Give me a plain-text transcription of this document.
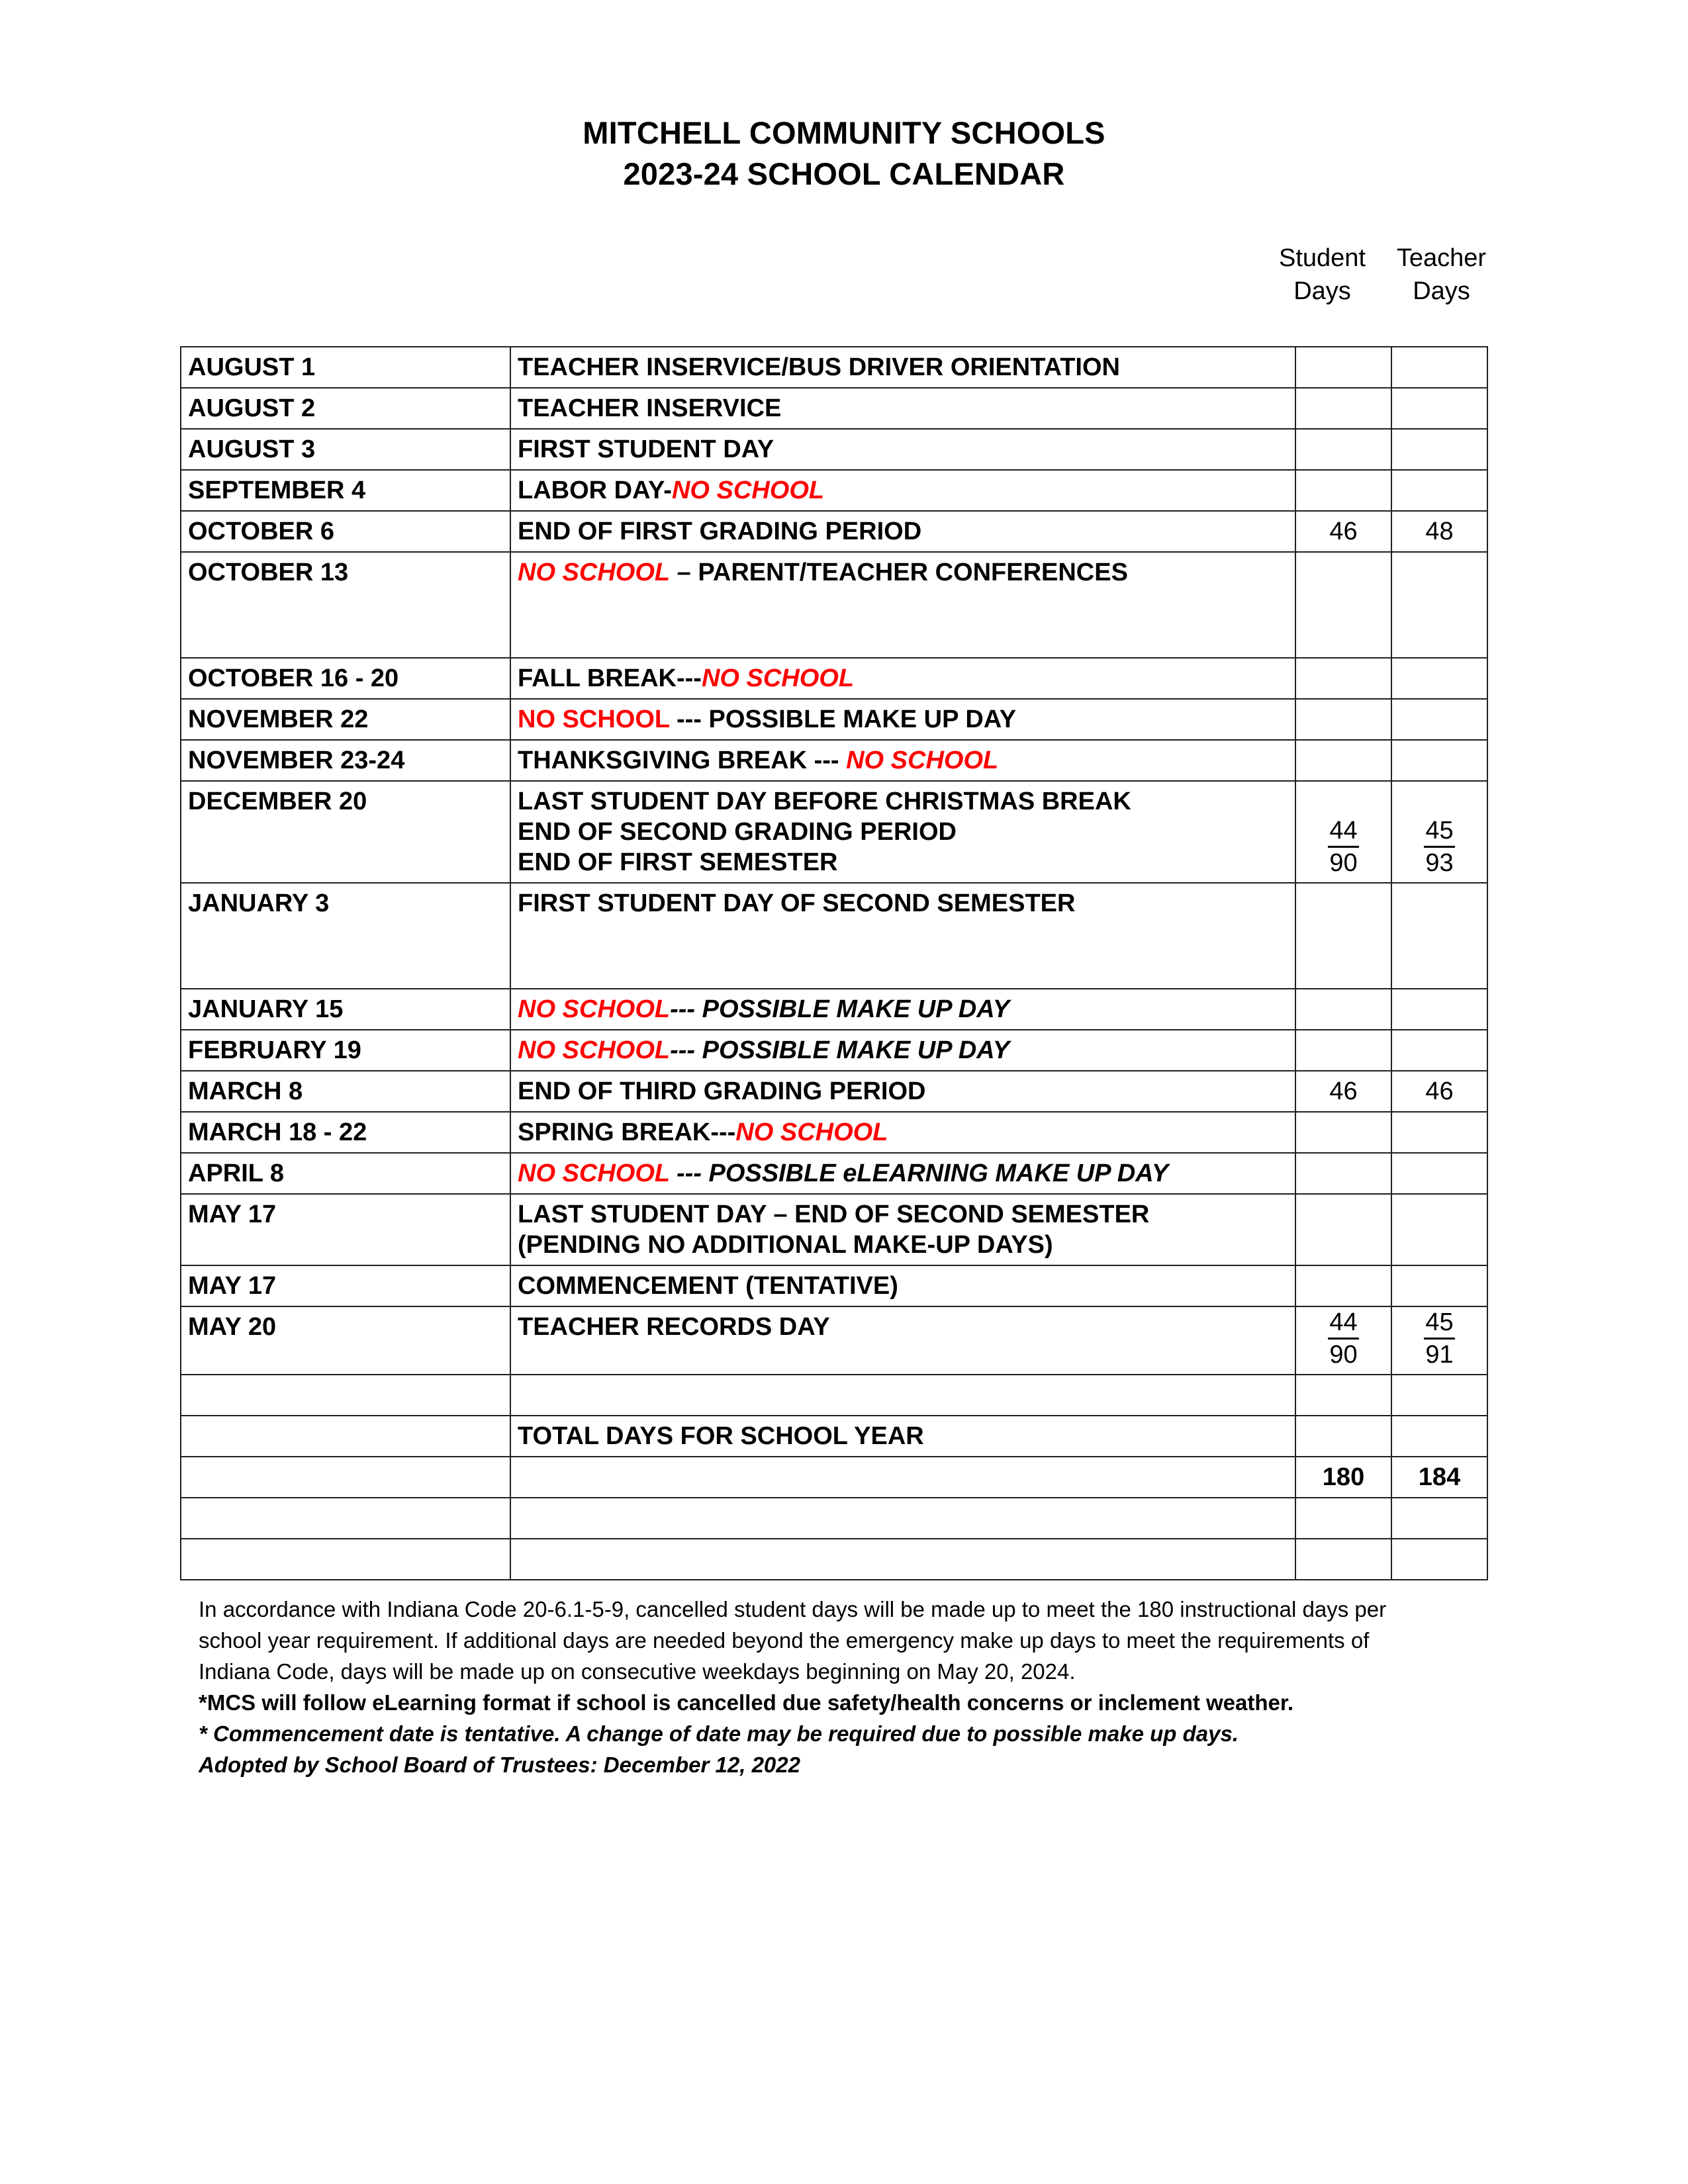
MITCHELL COMMUNITY SCHOOLS
2023-24 SCHOOL CALENDAR
Student
Days
Teacher
Days
AUGUST 1	TEACHER INSERVICE/BUS DRIVER ORIENTATION		

AUGUST 2	TEACHER INSERVICE		

AUGUST 3	FIRST STUDENT DAY		

SEPTEMBER 4	LABOR DAY-NO SCHOOL		

OCTOBER 6	END OF FIRST GRADING PERIOD	46	48

OCTOBER 13	NO SCHOOL – PARENT/TEACHER CONFERENCES		

OCTOBER 16 - 20	FALL BREAK---NO SCHOOL		

NOVEMBER 22	NO SCHOOL --- POSSIBLE MAKE UP DAY		

NOVEMBER 23-24	THANKSGIVING BREAK --- NO SCHOOL		

DECEMBER 20	LAST STUDENT DAY BEFORE CHRISTMAS BREAK
END OF SECOND GRADING PERIOD
END OF FIRST SEMESTER	$\frac{44}{90}$	$\frac{45}{93}$

JANUARY 3	FIRST STUDENT DAY OF SECOND SEMESTER		

JANUARY 15	NO SCHOOL--- POSSIBLE MAKE UP DAY		

FEBRUARY 19	NO SCHOOL--- POSSIBLE MAKE UP DAY		

MARCH 8	END OF THIRD GRADING PERIOD	46	46

MARCH 18 - 22	SPRING BREAK---NO SCHOOL		

APRIL 8	NO SCHOOL --- POSSIBLE eLEARNING MAKE UP DAY		

MAY 17	LAST STUDENT DAY – END OF SECOND SEMESTER
(PENDING NO ADDITIONAL MAKE-UP DAYS)		

MAY 17	COMMENCEMENT (TENTATIVE)		

MAY 20	TEACHER RECORDS DAY	$\frac{44}{90}$	$\frac{45}{91}$

	TOTAL DAYS FOR SCHOOL YEAR		

		180	184

In accordance with Indiana Code 20-6.1-5-9, cancelled student days will be made up to meet the 180 instructional days per
school year requirement. If additional days are needed beyond the emergency make up days to meet the requirements of
Indiana Code, days will be made up on consecutive weekdays beginning on May 20, 2024.
*MCS will follow eLearning format if school is cancelled due safety/health concerns or inclement weather.
* Commencement date is tentative. A change of date may be required due to possible make up days.
Adopted by School Board of Trustees: December 12, 2022
